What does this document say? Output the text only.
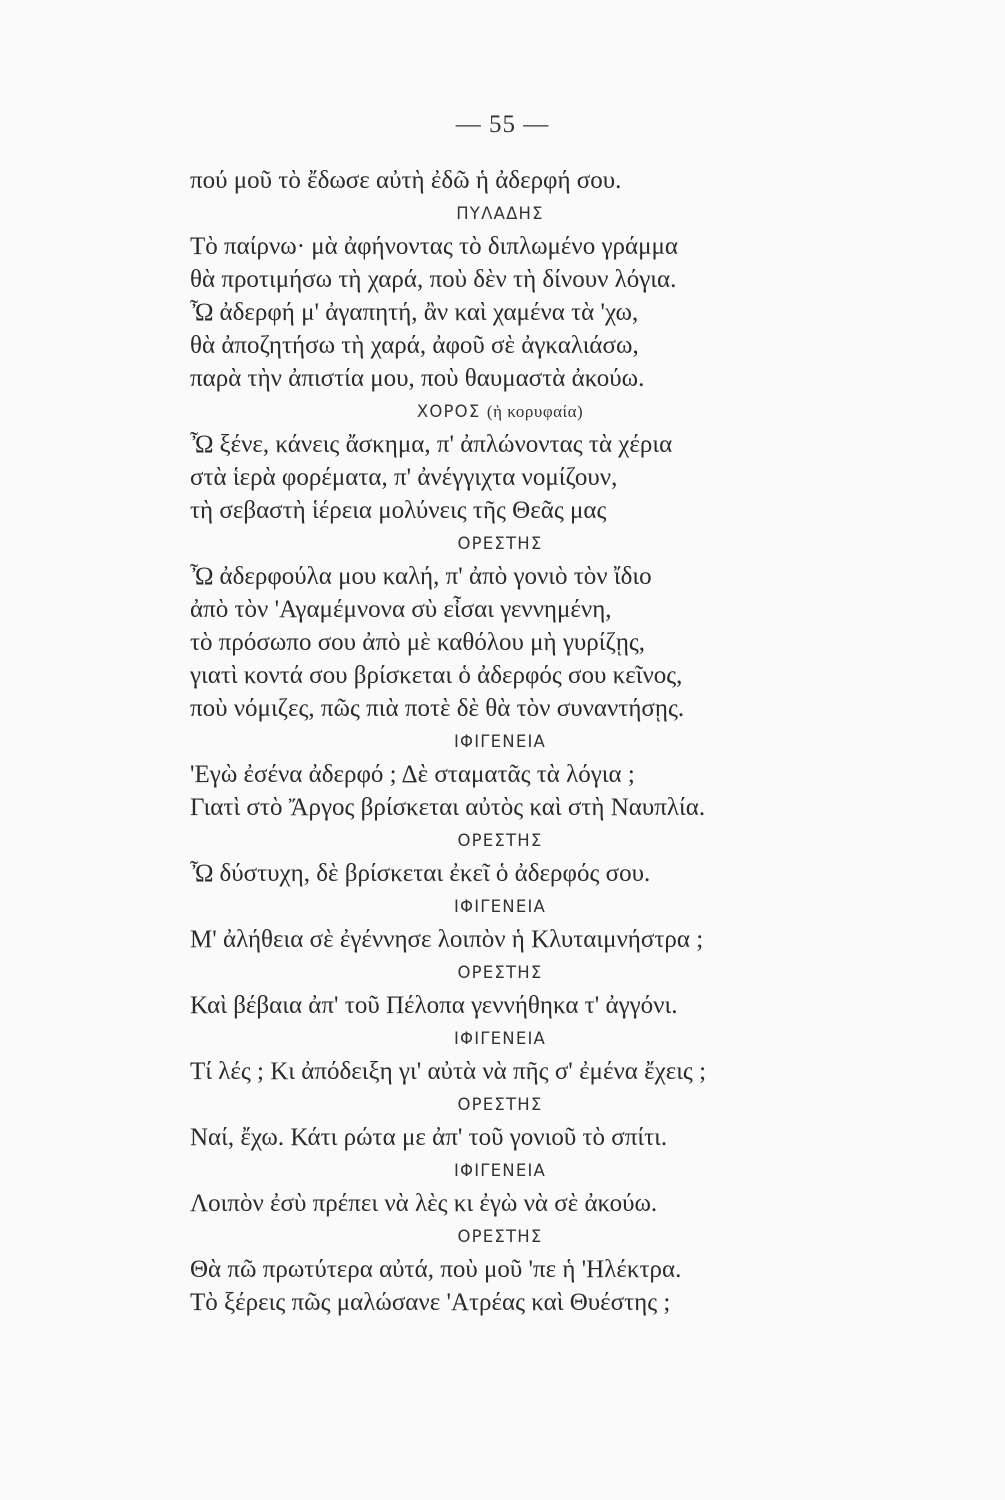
— 55 —
πού μοῦ τὸ ἔδωσε αὐτὴ ἐδῶ ἡ ἀδερφή σου.
ΠΥΛΑΔΗΣ
Τὸ παίρνω· μὰ ἀφήνοντας τὸ διπλωμένο γράμμα
θὰ προτιμήσω τὴ χαρά, ποὺ δὲν τὴ δίνουν λόγια.
Ὦ ἀδερφή μ' ἀγαπητή, ἂν καὶ χαμένα τὰ 'χω,
θὰ ἀποζητήσω τὴ χαρά, ἀφοῦ σὲ ἀγκαλιάσω,
παρὰ τὴν ἀπιστία μου, ποὺ θαυμαστὰ ἀκούω.
ΧΟΡΟΣ (ἡ κορυφαία)
Ὦ ξένε, κάνεις ἄσκημα, π' ἀπλώνοντας τὰ χέρια
στὰ ἱερὰ φορέματα, π' ἀνέγγιχτα νομίζουν,
τὴ σεβαστὴ ἱέρεια μολύνεις τῆς Θεᾶς μας
ΟΡΕΣΤΗΣ
Ὦ ἀδερφούλα μου καλή, π' ἀπὸ γονιὸ τὸν ἴδιο
ἀπὸ τὸν 'Αγαμέμνονα σὺ εἶσαι γεννημένη,
τὸ πρόσωπο σου ἀπὸ μὲ καθόλου μὴ γυρίζῃς,
γιατὶ κοντά σου βρίσκεται ὁ ἀδερφός σου κεῖνος,
ποὺ νόμιζες, πῶς πιὰ ποτὲ δὲ θὰ τὸν συναντήσῃς.
ΙΦΙΓΕΝΕΙΑ
'Εγὼ ἐσένα ἀδερφό ; Δὲ σταματᾶς τὰ λόγια ;
Γιατὶ στὸ Ἄργος βρίσκεται αὐτὸς καὶ στὴ Ναυπλία.
ΟΡΕΣΤΗΣ
Ὦ δύστυχη, δὲ βρίσκεται ἐκεῖ ὁ ἀδερφός σου.
ΙΦΙΓΕΝΕΙΑ
Μ' ἀλήθεια σὲ ἐγέννησε λοιπὸν ἡ Κλυταιμνήστρα ;
ΟΡΕΣΤΗΣ
Καὶ βέβαια ἀπ' τοῦ Πέλοπα γεννήθηκα τ' ἀγγόνι.
ΙΦΙΓΕΝΕΙΑ
Τί λές ; Κι ἀπόδειξη γι' αὐτὰ νὰ πῆς σ' ἐμένα ἔχεις ;
ΟΡΕΣΤΗΣ
Ναί, ἔχω. Κάτι ρώτα με ἀπ' τοῦ γονιοῦ τὸ σπίτι.
ΙΦΙΓΕΝΕΙΑ
Λοιπὸν ἐσὺ πρέπει νὰ λὲς κι ἐγὼ νὰ σὲ ἀκούω.
ΟΡΕΣΤΗΣ
Θὰ πῶ πρωτύτερα αὐτά, ποὺ μοῦ 'πε ἡ 'Ηλέκτρα.
Τὸ ξέρεις πῶς μαλώσανε 'Ατρέας καὶ Θυέστης ;
